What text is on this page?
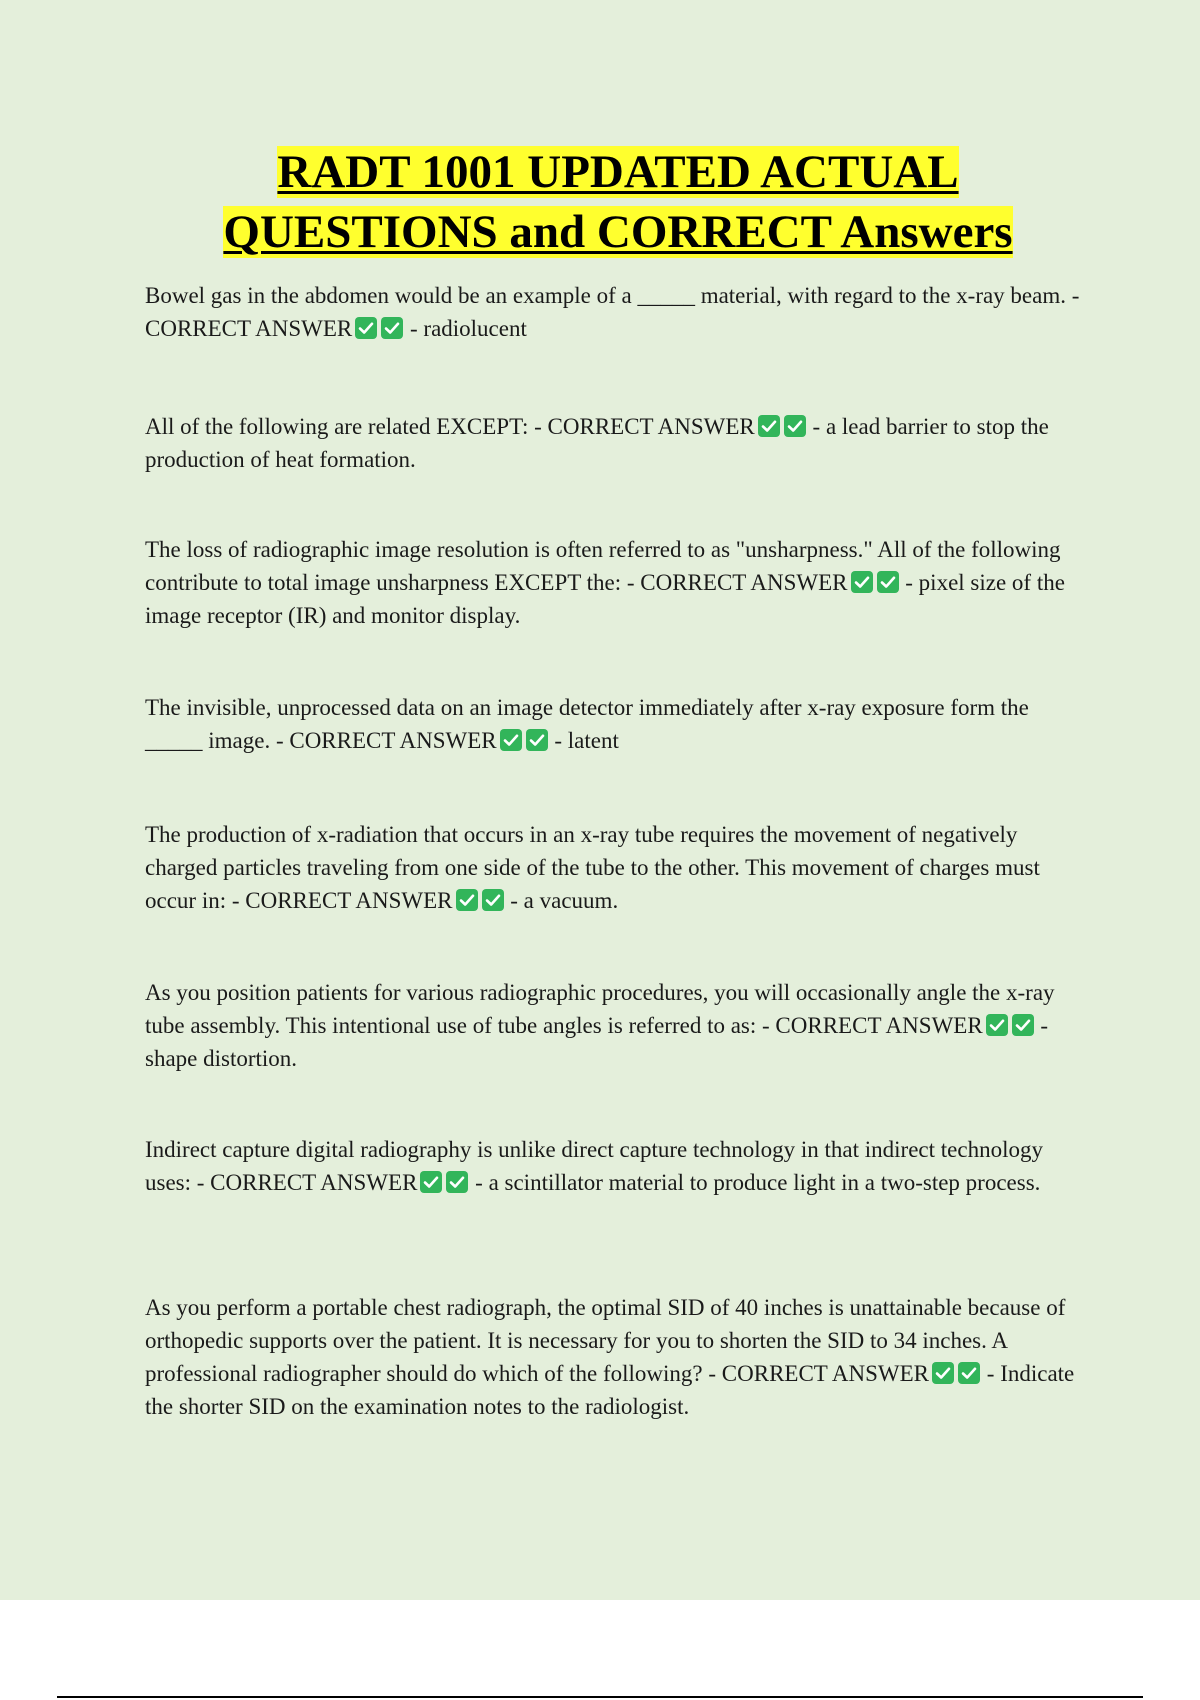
RADT 1001 UPDATED ACTUAL
QUESTIONS and CORRECT Answers

Bowel gas in the abdomen would be an example of a _____ material, with regard to the x-ray beam. - CORRECT ANSWER
- radiolucent

All of the following are related EXCEPT: - CORRECT ANSWER
- a lead barrier to stop the production of heat formation.

The loss of radiographic image resolution is often referred to as "unsharpness." All of the following contribute to total image unsharpness EXCEPT the: - CORRECT ANSWER
- pixel size of the image receptor (IR) and monitor display.

The invisible, unprocessed data on an image detector immediately after x-ray exposure form the _____ image. - CORRECT ANSWER
- latent

The production of x-radiation that occurs in an x-ray tube requires the movement of negatively charged particles traveling from one side of the tube to the other. This movement of charges must occur in: - CORRECT ANSWER
- a vacuum.

As you position patients for various radiographic procedures, you will occasionally angle the x-ray tube assembly. This intentional use of tube angles is referred to as: - CORRECT ANSWER
- shape distortion.

Indirect capture digital radiography is unlike direct capture technology in that indirect technology uses: - CORRECT ANSWER
- a scintillator material to produce light in a two-step process.

As you perform a portable chest radiograph, the optimal SID of 40 inches is unattainable because of orthopedic supports over the patient. It is necessary for you to shorten the SID to 34 inches. A professional radiographer should do which of the following? - CORRECT ANSWER
- Indicate the shorter SID on the examination notes to the radiologist.
